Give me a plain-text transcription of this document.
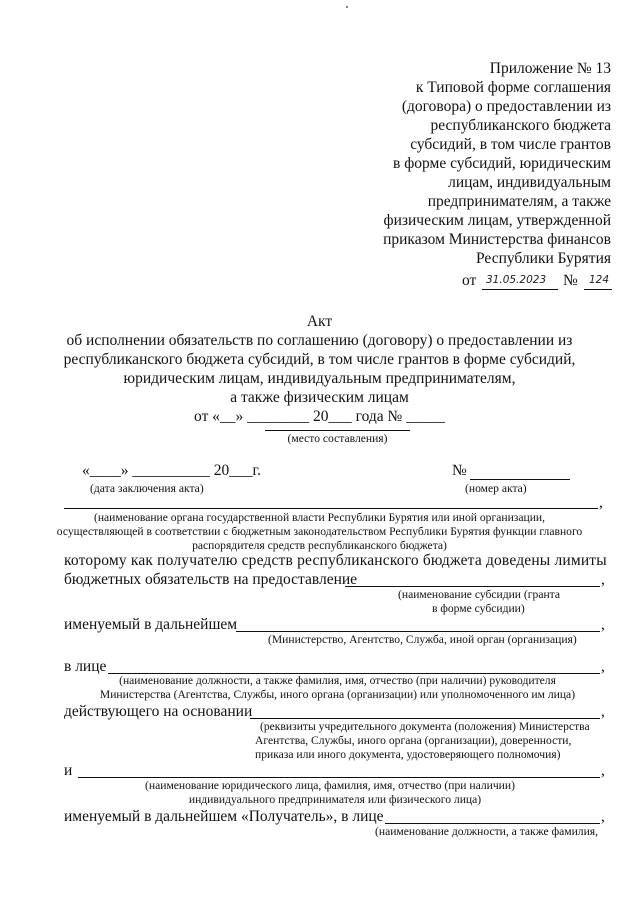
Приложение № 13
к Типовой форме соглашения
(договора) о предоставлении из
республиканского бюджета
субсидий, в том числе грантов
в форме субсидий, юридическим
лицам, индивидуальным
предпринимателям, а также
физическим лицам, утвержденной
приказом Министерства финансов
Республики Бурятия
от 31.05.2023 № 124
Акт
об исполнении обязательств по соглашению (договору) о предоставлении из
республиканского бюджета субсидий, в том числе грантов в форме субсидий,
юридическим лицам, индивидуальным предпринимателям,
а также физическим лицам
от «__» ________ 20___ года № _____
(место составления)
«____» __________ 20___г.
(дата заключения акта)
№
(номер акта)
,
(наименование органа государственной власти Республики Бурятия или иной организации,
осуществляющей в соответствии с бюджетным законодательством Республики Бурятия функции главного
распорядителя средств республиканского бюджета)
которому как получателю средств республиканского бюджета доведены лимиты
бюджетных обязательств на предоставление	,
(наименование субсидии (гранта
в форме субсидии)
именуемый в дальнейшем	,
(Министерство, Агентство, Служба, иной орган (организация)
в лице	,
(наименование должности, а также фамилия, имя, отчество (при наличии) руководителя
Министерства (Агентства, Службы, иного органа (организации) или уполномоченного им лица)
действующего на основании	,
(реквизиты учредительного документа (положения) Министерства
Агентства, Службы, иного органа (организации), доверенности,
приказа или иного документа, удостоверяющего полномочия)
и	,
(наименование юридического лица, фамилия, имя, отчество (при наличии)
индивидуального предпринимателя или физического лица)
именуемый в дальнейшем «Получатель», в лице	,
(наименование должности, а также фамилия,
